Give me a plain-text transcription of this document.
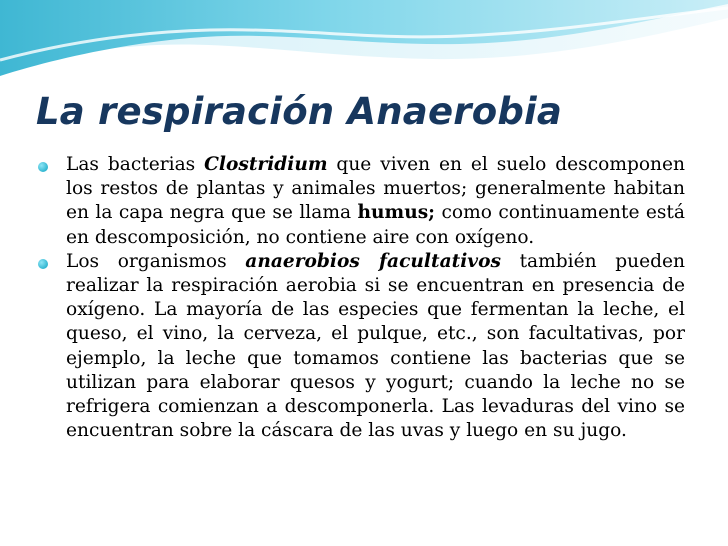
La respiración Anaerobia
Las bacterias Clostridium que viven en el suelo descomponen los restos de plantas y animales muertos; generalmente habitan en la capa negra que se llama humus; como continuamente está en descomposición, no contiene aire con oxígeno.
Los organismos anaerobios facultativos también pueden realizar la respiración aerobia si se encuentran en presencia de oxígeno. La mayoría de las especies que fermentan la leche, el queso, el vino, la cerveza, el pulque, etc., son facultativas, por ejemplo, la leche que tomamos contiene las bacterias que se utilizan para elaborar quesos y yogurt; cuando la leche no se refrigera comienzan a descomponerla. Las levaduras del vino se encuentran sobre la cáscara de las uvas y luego en su jugo.
